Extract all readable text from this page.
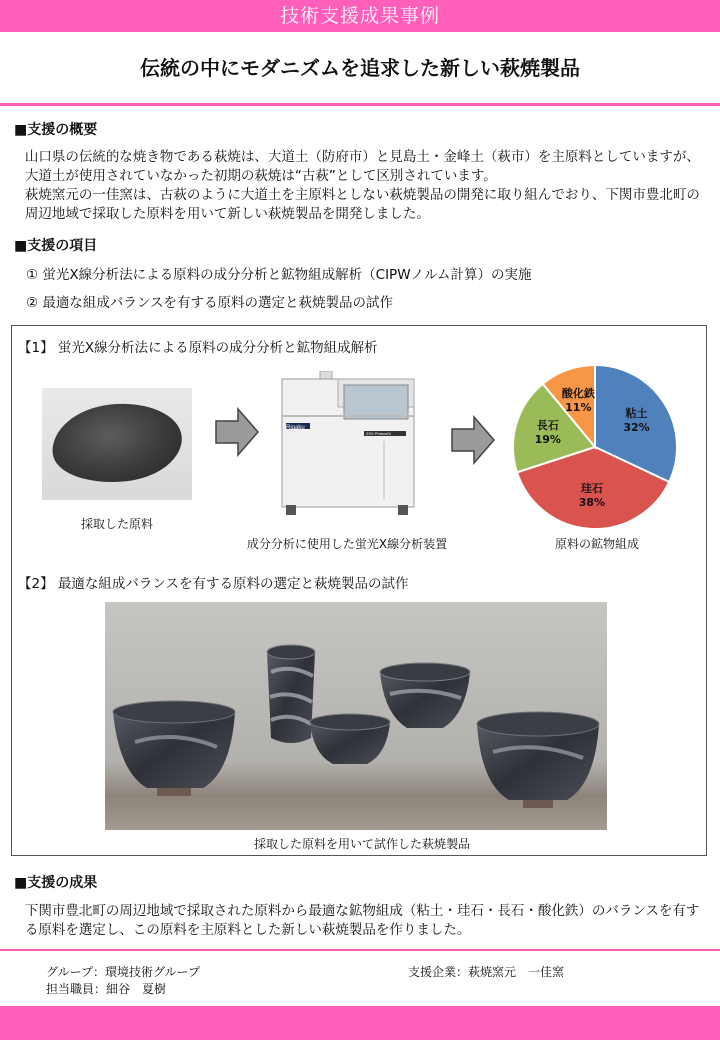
技術支援成果事例
伝統の中にモダニズムを追求した新しい萩焼製品
■支援の概要

山口県の伝統的な焼き物である萩焼は、大道土（防府市）と見島土・金峰土（萩市）を主原料としていますが、大道土が使用されていなかった初期の萩焼は“古萩”として区別されています。

萩焼窯元の一佳窯は、古萩のように大道土を主原料としない萩焼製品の開発に取り組んでおり、下関市豊北町の周辺地域で採取した原料を用いて新しい萩焼製品を開発しました。

■支援の項目
① 蛍光X線分析法による原料の成分分析と鉱物組成解析（CIPWノルム計算）の実施
② 最適な組成バランスを有する原料の選定と萩焼製品の試作
【1】 蛍光X線分析法による原料の成分分析と鉱物組成解析
採取した原料
Rigaku
ZSX PrimusIV
成分分析に使用した蛍光X線分析装置
粘土
32%
珪石
38%
長石
19%
酸化鉄
11%
原料の鉱物組成
【2】 最適な組成バランスを有する原料の選定と萩焼製品の試作
採取した原料を用いて試作した萩焼製品
■支援の成果

下関市豊北町の周辺地域で採取された原料から最適な鉱物組成（粘土・珪石・長石・酸化鉄）のバランスを有する原料を選定し、この原料を主原料とした新しい萩焼製品を作りました。

グループ：環境技術グループ
担当職員：細谷　夏樹
支援企業：萩焼窯元　一佳窯
